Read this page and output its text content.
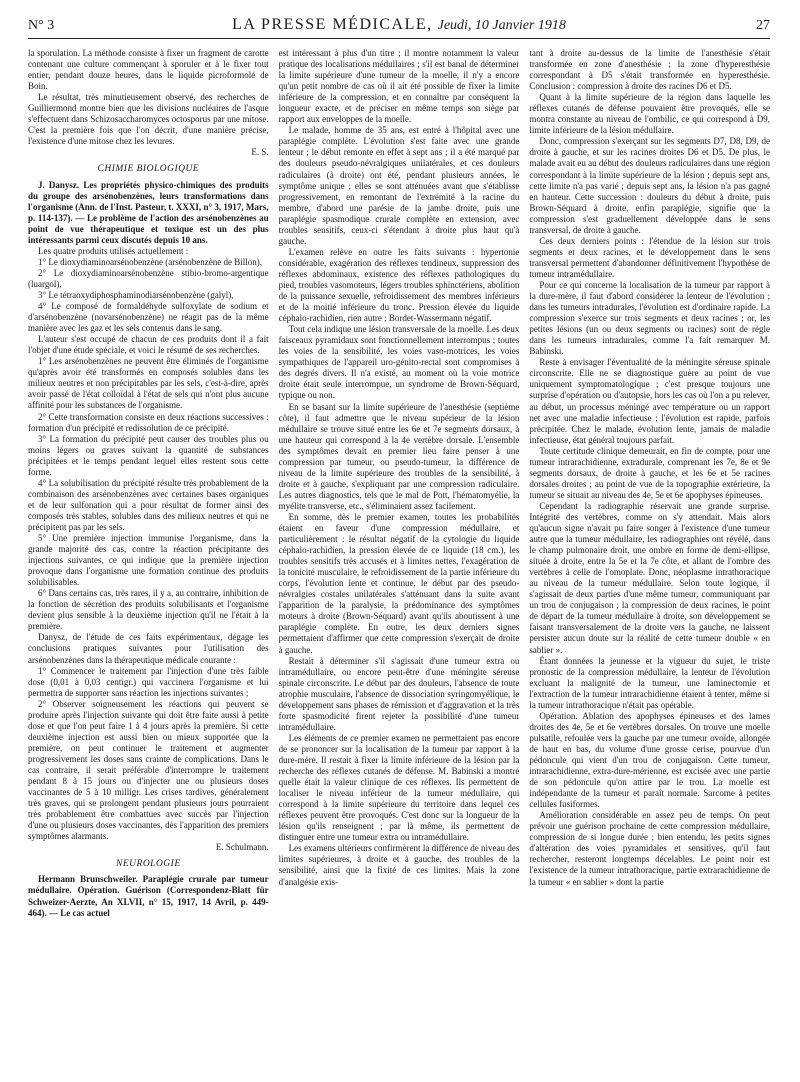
N° 3	LA PRESSE MÉDICALE, Jeudi, 10 Janvier 1918	27

la sporulation. La méthode consiste à fixer un fragment de carotte contenant une culture commençant à sporuler et à le fixer tout entier, pendant douze heures, dans le liquide picroformolé de Boin.

Le résultat, très minutieusement observé, des recherches de Guilliermond montre bien que les divisions nucléaires de l'asque s'effectuent dans Schizosaccharomyces octosporus par une mitose. C'est la première fois que l'on décrit, d'une manière précise, l'existence d'une mitose chez les levures.

E. S.
CHIMIE BIOLOGIQUE

J. Danysz. Les propriétés physico-chimiques des produits du groupe des arsénobenzènes, leurs transformations dans l'organisme (Ann. de l'Inst. Pasteur, t. XXXI, n° 3, 1917, Mars, p. 114-137). — Le problème de l'action des arsénobenzènes au point de vue thérapeutique et toxique est un des plus intéressants parmi ceux discutés depuis 10 ans.

Les quatre produits utilisés actuellement :

1° Le dioxydiaminoarsénobenzène (arsénobenzène de Billon),

2° Le dioxydiaminoarsénobenzène stibio-bromo-argentique (luargol),

3° Le tétraoxydiphosphaminodiarsénobenzène (galyl),

4° Le composé de formaldéhyde sulfoxylate de sodium et d'arsénobenzène (novarsénobenzène) ne réagit pas de la même manière avec les gaz et les sels contenus dans le sang.

L'auteur s'est occupé de chacun de ces produits dont il a fait l'objet d'une étude spéciale, et voici le résumé de ses recherches.

1° Les arsénobenzènes ne peuvent être éliminés de l'organisme qu'après avoir été transformés en composés solubles dans les milieux neutres et non précipitables par les sels, c'est-à-dire, après avoir passé de l'état colloïdal à l'état de sels qui n'ont plus aucune affinité pour les substances de l'organisme.

2° Cette transformation consiste en deux réactions successives : formation d'un précipité et redissolution de ce précipité.

3° La formation du précipité peut causer des troubles plus ou moins légers ou graves suivant la quantité de substances précipitées et le temps pendant lequel elles restent sous cette forme.

4° La solubilisation du précipité résulte très probablement de la combinaison des arsénobenzènes avec certaines bases organiques et de leur sulfonation qui a pour résultat de former ainsi des composés très stables, solubles dans des milieux neutres et qui ne précipitent pas par les sels.

5° Une première injection immunise l'organisme, dans la grande majorité des cas, contre la réaction précipitante des injections suivantes, ce qui indique que la première injection provoque dans l'organisme une formation continue des produits solubilisables.

6° Dans certains cas, très rares, il y a, au contraire, inhibition de la fonction de sécrétion des produits solubilisants et l'organisme devient plus sensible à la deuxième injection qu'il ne l'était à la première.

Danysz, de l'étude de ces faits expérimentaux, dégage les conclusions pratiques suivantes pour l'utilisation des arsénobenzènes dans la thérapeutique médicale courante :

1° Commencer le traitement par l'injection d'une très faible dose (0,01 à 0,03 centigr.) qui vaccinera l'organisme et lui permettra de supporter sans réaction les injections suivantes ;

2° Observer soigneusement les réactions qui peuvent se produire après l'injection suivante qui doit être faite aussi à petite dose et que l'on peut faire 1 à 4 jours après la première. Si cette deuxième injection est aussi bien ou mieux supportée que la première, on peut continuer le traitement et augmenter progressivement les doses sans crainte de complications. Dans le cas contraire, il serait préférable d'interrompre le traitement pendant 8 à 15 jours ou d'injecter une ou plusieurs doses vaccinantes de 5 à 10 milligr. Les crises tardives, généralement très graves, qui se prolongent pendant plusieurs jours pourraient très probablement être combattues avec succès par l'injection d'une ou plusieurs doses vaccinantes, dès l'apparition des premiers symptômes alarmants.

E. Schulmann.
NEUROLOGIE

Hermann Brunschweiler. Paraplégie crurale par tumeur médullaire. Opération. Guérison (Correspondenz-Blatt für Schweizer-Aerzte, An XLVII, n° 15, 1917, 14 Avril, p. 449-464). — Le cas actuel

est intéressant à plus d'un titre ; il montre notamment la valeur pratique des localisations médullaires ; s'il est banal de déterminer la limite supérieure d'une tumeur de la moelle, il n'y a encore qu'un petit nombre de cas où il ait été possible de fixer la limite inférieure de la compression, et en connaître par conséquent la longueur exacte, et de préciser en même temps son siège par rapport aux enveloppes de la moelle.

Le malade, homme de 35 ans, est entré à l'hôpital avec une paraplégie complète. L'évolution s'est faite avec une grande lenteur ; le début remonte en effet à sept ans ; il a été marqué par des douleurs pseudo-névralgiques unilatérales, et ces douleurs radiculaires (à droite) ont été, pendant plusieurs années, le symptôme unique ; elles se sont atténuées avant que s'établisse progressivement, en remontant de l'extrémité à la racine du membre, d'abord une parésie de la jambe droite, puis une paraplégie spasmodique crurale complète en extension, avec troubles sensitifs, ceux-ci s'étendant à droite plus haut qu'à gauche.

L'examen relève en outre les faits suivants : hypertonie considérable, exagération des réflexes tendineux, suppression des réflexes abdominaux, existence des réflexes pathologiques du pied, troubles vasomoteurs, légers troubles sphinctériens, abolition de la puissance sexuelle, refroidissement des membres inférieurs et de la moitié inférieure du tronc. Pression élevée du liquide céphalo-rachidien, rien autre ; Bordet-Wassermann négatif.

Tout cela indique une lésion transversale de la moelle. Les deux faisceaux pyramidaux sont fonctionnellement interrompus ; toutes les voies de la sensibilité, les voies vaso-motrices, les voies sympathiques de l'appareil uro-génito-rectal sont compromises à des degrés divers. Il n'a existé, au moment où la voie motrice droite était seule interrompue, un syndrome de Brown-Séquard, typique ou non.

En se basant sur la limite supérieure de l'anesthésie (septième côte), il faut admettre que le niveau supérieur de la lésion médullaire se trouve situé entre les 6e et 7e segments dorsaux, à une hauteur qui correspond à la 4e vertèbre dorsale. L'ensemble des symptômes devait en premier lieu faire penser à une compression par tumeur, ou pseudo-tumeur, la différence de niveau de la limite supérieure des troubles de la sensibilité, à droite et à gauche, s'expliquant par une compression radiculaire. Les autres diagnostics, tels que le mal de Pott, l'hématomyélie, la myélite transverse, etc., s'éliminaient assez facilement.

En somme, dès le premier examen, toutes les probabilités étaient en faveur d'une compression médullaire, et particulièrement : le résultat négatif de la cytologie du liquide céphalo-rachidien, la pression élevée de ce liquide (18 cm.), les troubles sensitifs très accusés et à limites nettes, l'exagération de la tonicité musculaire, le refroidissement de la partie inférieure du corps, l'évolution lente et continue, le début par des pseudo-névralgies costales unilatérales s'atténuant dans la suite avant l'apparition de la paralysie, la prédominance des symptômes moteurs à droite (Brown-Séquard) avant qu'ils aboutissent à une paraplégie complète. En outre, les deux derniers signes permettaient d'affirmer que cette compression s'exerçait de droite à gauche.

Restait à déterminer s'il s'agissait d'une tumeur extra ou intramédullaire, ou encore peut-être d'une méningite séreuse spinale circonscrite. Le début par des douleurs, l'absence de toute atrophie musculaire, l'absence de dissociation syringomyélique, le développement sans phases de rémission et d'aggravation et la très forte spasmodicité firent rejeter la possibilité d'une tumeur intramédullaire.

Les éléments de ce premier examen ne permettaient pas encore de se prononcer sur la localisation de la tumeur par rapport à la dure-mère. Il restait à fixer la limite inférieure de la lésion par la recherche des réflexes cutanés de défense. M. Babinski a montré quelle était la valeur clinique de ces réflexes. Ils permettent de localiser le niveau inférieur de la tumeur médullaire, qui correspond à la limite supérieure du territoire dans lequel ces réflexes peuvent être provoqués. C'est donc sur la longueur de la lésion qu'ils renseignent ; par là même, ils permettent de distinguer entre une tumeur extra ou intramédullaire.

Les examens ultérieurs confirmèrent la différence de niveau des limites supérieures, à droite et à gauche, des troubles de la sensibilité, ainsi que la fixité de ces limites. Mais la zone d'analgésie exis-

tant à droite au-dessus de la limite de l'anesthésie s'était transformée en zone d'anesthésie ; la zone d'hyperesthésie correspondant à D5 s'était transformée en hyperesthésie. Conclusion : compression à droite des racines D6 et D5.

Quant à la limite supérieure de la région dans laquelle les réflexes cutanés de défense pouvaient être provoqués, elle se montra constante au niveau de l'ombilic, ce qui correspond à D9, limite inférieure de la lésion médullaire.

Donc, compression s'exerçant sur les segments D7, D8, D9, de droite à gauche, et sur les racines droites D6 et D5. De plus, le malade avait eu au début des douleurs radiculaires dans une région correspondant à la limite supérieure de la lésion ; depuis sept ans, cette limite n'a pas varié ; depuis sept ans, la lésion n'a pas gagné en hauteur. Cette succession : douleurs du début à droite, puis Brown-Séquard à droite, enfin paraplégie, signifie que la compression s'est graduellement développée dans le sens transversal, de droite à gauche.

Ces deux derniers points : l'étendue de la lésion sur trois segments et deux racines, et le développement dans le sens transversal permettent d'abandonner définitivement l'hypothèse de tumeur intramédullaire.

Pour ce qui concerne la localisation de la tumeur par rapport à la dure-mère, il faut d'abord considérer la lenteur de l'évolution ; dans les tumeurs intradurales, l'évolution est d'ordinaire rapide. La compression s'exerce sur trois segments et deux racines ; or, les petites lésions (un ou deux segments ou racines) sont de règle dans les tumeurs intradurales, comme l'a fait remarquer M. Babinski.

Reste à envisager l'éventualité de la méningite séreuse spinale circonscrite. Elle ne se diagnostique guère au point de vue uniquement symptomatologique ; c'est presque toujours une surprise d'opération ou d'autopsie, hors les cas où l'on a pu relever, au début, un processus méningé avec température ou un rapport net avec une maladie infectieuse ; l'évolution est rapide, parfois précipitée. Chez le malade, évolution lente, jamais de maladie infectieuse, état général toujours parfait.

Toute certitude clinique demeurait, en fin de compte, pour une tumeur intrarachidienne, extradurale, comprenant les 7e, 8e et 9e segments dorsaux, de droite à gauche, et les 6e et 5e racines dorsales droites ; au point de vue de la topographie extérieure, la tumeur se situait au niveau des 4e, 5e et 6e apophyses épineuses.

Cependant la radiographie réservait une grande surprise. Intégrité des vertèbres, comme on s'y attendait. Mais alors qu'aucun signe n'avait pu faire songer à l'existence d'une tumeur autre que la tumeur médullaire, les radiographies ont révélé, dans le champ pulmonaire droit, une ombre en forme de demi-ellipse, située à droite, entre la 5e et la 7e côte, et allant de l'ombre des vertèbres à celle de l'omoplate. Donc, néoplasme intrathoracique au niveau de la tumeur médullaire. Selon toute logique, il s'agissait de deux parties d'une même tumeur, communiquant par un trou de conjugaison ; la compression de deux racines, le point de départ de la tumeur médullaire à droite, son développement se faisant transversalement de la droite vers la gauche, ne laissent persister aucun doute sur la réalité de cette tumeur double « en sablier ».

Étant données la jeunesse et la vigueur du sujet, le triste pronostic de la compression médullaire, la lenteur de l'évolution excluant la malignité de la tumeur, une laminectomie et l'extraction de la tumeur intrarachidienne étaient à tenter, même si la tumeur intrathoracique n'était pas opérable.

Opération. Ablation des apophyses épineuses et des lames droites des 4e, 5e et 6e vertèbres dorsales. On trouve une moelle pulsatile, refoulée vers la gauche par une tumeur ovoïde, allongée de haut en bas, du volume d'une grosse cerise, pourvue d'un pédoncule qui vient d'un trou de conjugaison. Cette tumeur, intrarachidienne, extra-dure-mérienne, est excisée avec une partie de son pédoncule qu'on attire par le trou. La moelle est indépendante de la tumeur et paraît normale. Sarcome à petites cellules fusiformes.

Amélioration considérable en assez peu de temps. On peut prévoir une guérison prochaine de cette compression médullaire, compression de si longue durée ; bien entendu, les petits signes d'altération des voies pyramidales et sensitives, qu'il faut rechercher, resteront longtemps décelables. Le point noir est l'existence de la tumeur intrathoracique, partie extrarachidienne de la tumeur « en sablier » dont la partie
